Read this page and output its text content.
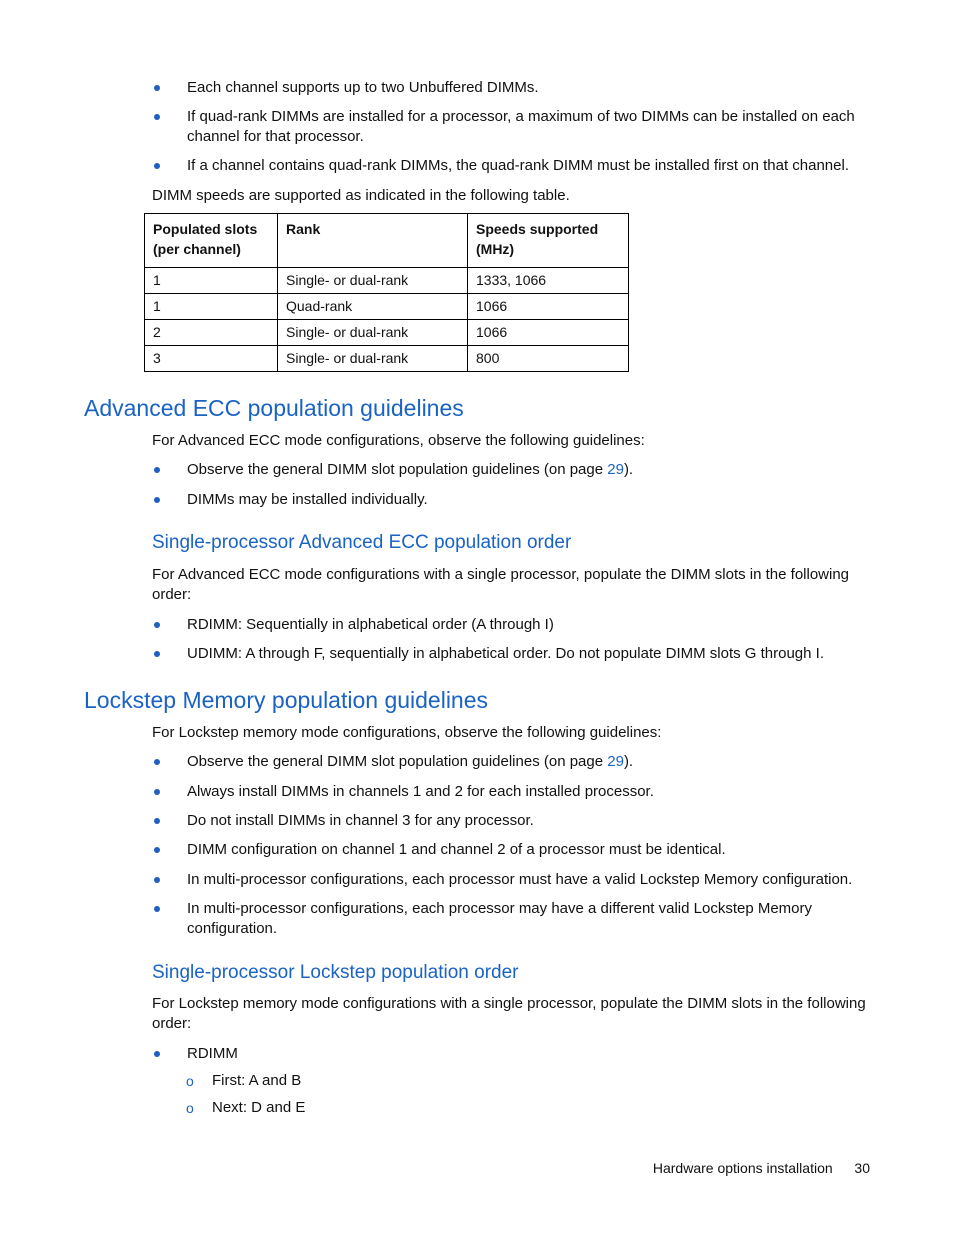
Each channel supports up to two Unbuffered DIMMs.
If quad-rank DIMMs are installed for a processor, a maximum of two DIMMs can be installed on each channel for that processor.
If a channel contains quad-rank DIMMs, the quad-rank DIMM must be installed first on that channel.
DIMM speeds are supported as indicated in the following table.
Populated slots (per channel)	Rank	Speeds supported (MHz)
1	Single- or dual-rank	1333, 1066
1	Quad-rank	1066
2	Single- or dual-rank	1066
3	Single- or dual-rank	800
Advanced ECC population guidelines
For Advanced ECC mode configurations, observe the following guidelines:
Observe the general DIMM slot population guidelines (on page 29).
DIMMs may be installed individually.
Single-processor Advanced ECC population order
For Advanced ECC mode configurations with a single processor, populate the DIMM slots in the following order:
RDIMM: Sequentially in alphabetical order (A through I)
UDIMM: A through F, sequentially in alphabetical order. Do not populate DIMM slots G through I.
Lockstep Memory population guidelines
For Lockstep memory mode configurations, observe the following guidelines:
Observe the general DIMM slot population guidelines (on page 29).
Always install DIMMs in channels 1 and 2 for each installed processor.
Do not install DIMMs in channel 3 for any processor.
DIMM configuration on channel 1 and channel 2 of a processor must be identical.
In multi-processor configurations, each processor must have a valid Lockstep Memory configuration.
In multi-processor configurations, each processor may have a different valid Lockstep Memory configuration.
Single-processor Lockstep population order
For Lockstep memory mode configurations with a single processor, populate the DIMM slots in the following order:
RDIMM
o First: A and B
o Next: D and E
Hardware options installation 30
